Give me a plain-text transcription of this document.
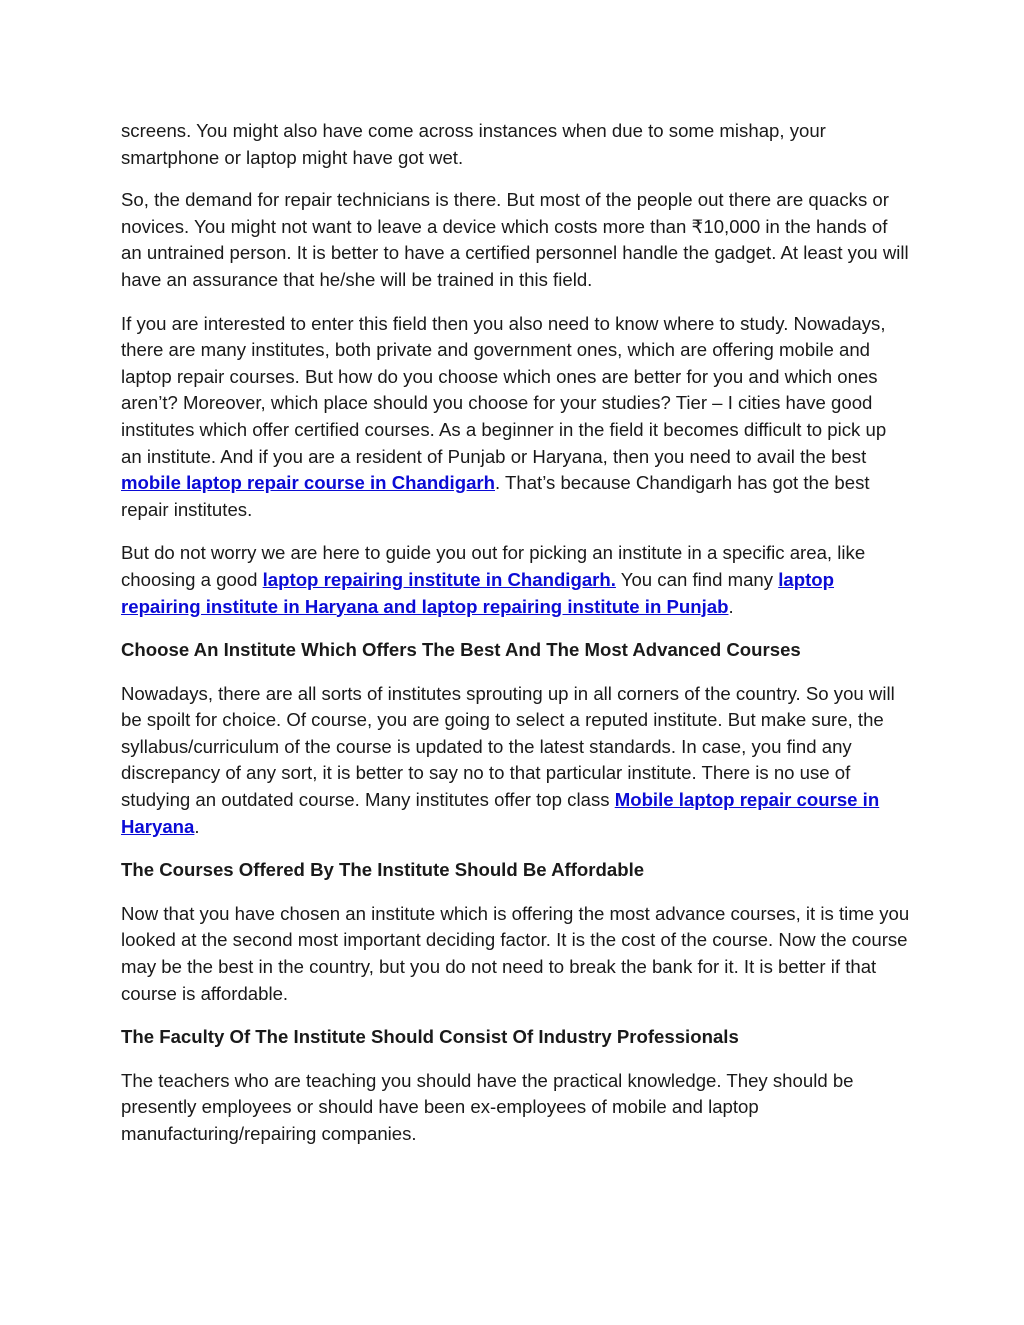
screens. You might also have come across instances when due to some mishap, your smartphone or laptop might have got wet.

So, the demand for repair technicians is there. But most of the people out there are quacks or novices. You might not want to leave a device which costs more than ₹10,000 in the hands of an untrained person. It is better to have a certified personnel handle the gadget. At least you will have an assurance that he/she will be trained in this field.

If you are interested to enter this field then you also need to know where to study. Nowadays, there are many institutes, both private and government ones, which are offering mobile and laptop repair courses. But how do you choose which ones are better for you and which ones aren’t? Moreover, which place should you choose for your studies? Tier – I cities have good institutes which offer certified courses. As a beginner in the field it becomes difficult to pick up an institute. And if you are a resident of Punjab or Haryana, then you need to avail the best mobile laptop repair course in Chandigarh. That’s because Chandigarh has got the best repair institutes.

But do not worry we are here to guide you out for picking an institute in a specific area, like choosing a good laptop repairing institute in Chandigarh. You can find many laptop repairing institute in Haryana and laptop repairing institute in Punjab.

Choose An Institute Which Offers The Best And The Most Advanced Courses

Nowadays, there are all sorts of institutes sprouting up in all corners of the country. So you will be spoilt for choice. Of course, you are going to select a reputed institute. But make sure, the syllabus/curriculum of the course is updated to the latest standards. In case, you find any discrepancy of any sort, it is better to say no to that particular institute. There is no use of studying an outdated course. Many institutes offer top class Mobile laptop repair course in Haryana.

The Courses Offered By The Institute Should Be Affordable

Now that you have chosen an institute which is offering the most advance courses, it is time you looked at the second most important deciding factor. It is the cost of the course. Now the course may be the best in the country, but you do not need to break the bank for it. It is better if that course is affordable.

The Faculty Of The Institute Should Consist Of Industry Professionals

The teachers who are teaching you should have the practical knowledge. They should be presently employees or should have been ex-employees of mobile and laptop manufacturing/repairing companies.
